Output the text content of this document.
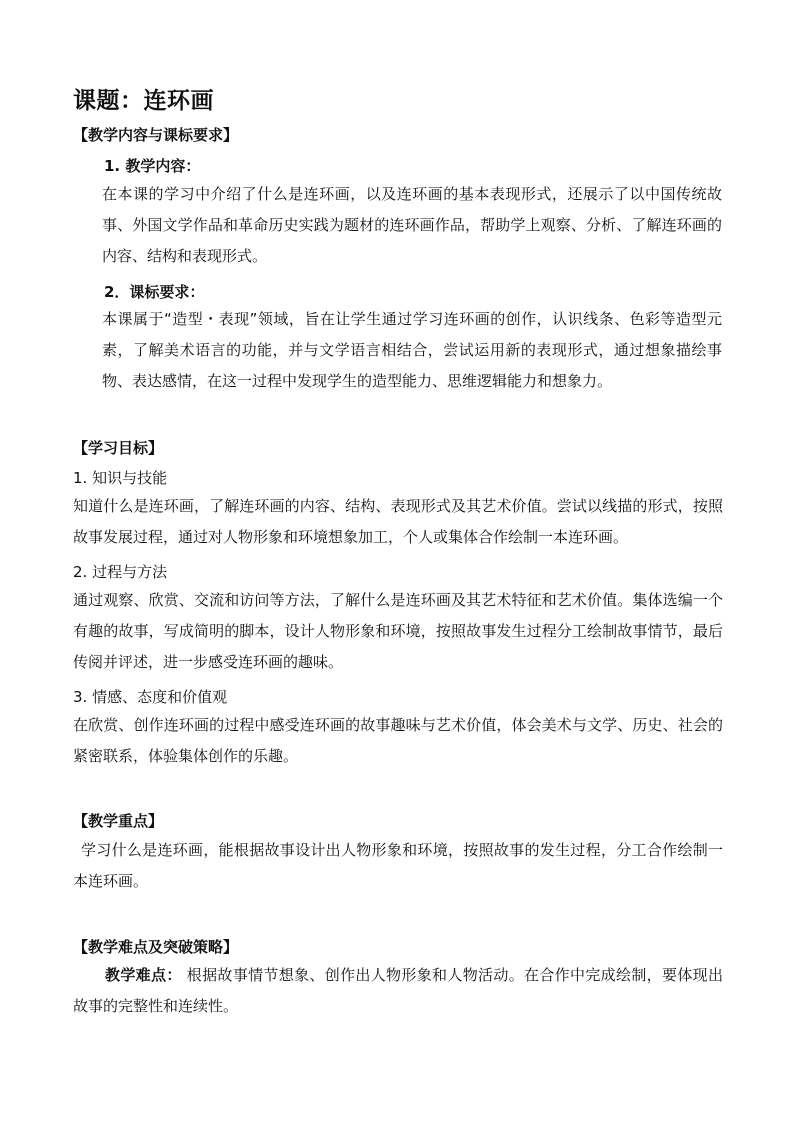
课题：连环画
【教学内容与课标要求】
1. 教学内容：

在本课的学习中介绍了什么是连环画，以及连环画的基本表现形式，还展示了以中国传统故事、外国文学作品和革命历史实践为题材的连环画作品，帮助学上观察、分析、了解连环画的内容、结构和表现形式。

2．课标要求：

本课属于“造型・表现”领域，旨在让学生通过学习连环画的创作，认识线条、色彩等造型元素，了解美术语言的功能，并与文学语言相结合，尝试运用新的表现形式，通过想象描绘事物、表达感情，在这一过程中发现学生的造型能力、思维逻辑能力和想象力。

【学习目标】
1. 知识与技能

知道什么是连环画，了解连环画的内容、结构、表现形式及其艺术价值。尝试以线描的形式，按照故事发展过程，通过对人物形象和环境想象加工，个人或集体合作绘制一本连环画。

2. 过程与方法

通过观察、欣赏、交流和访问等方法，了解什么是连环画及其艺术特征和艺术价值。集体选编一个有趣的故事，写成简明的脚本，设计人物形象和环境，按照故事发生过程分工绘制故事情节，最后传阅并评述，进一步感受连环画的趣味。

3. 情感、态度和价值观

在欣赏、创作连环画的过程中感受连环画的故事趣味与艺术价值，体会美术与文学、历史、社会的紧密联系，体验集体创作的乐趣。

【教学重点】

学习什么是连环画，能根据故事设计出人物形象和环境，按照故事的发生过程，分工合作绘制一本连环画。

【教学难点及突破策略】

教学难点： 根据故事情节想象、创作出人物形象和人物活动。在合作中完成绘制，要体现出故事的完整性和连续性。
